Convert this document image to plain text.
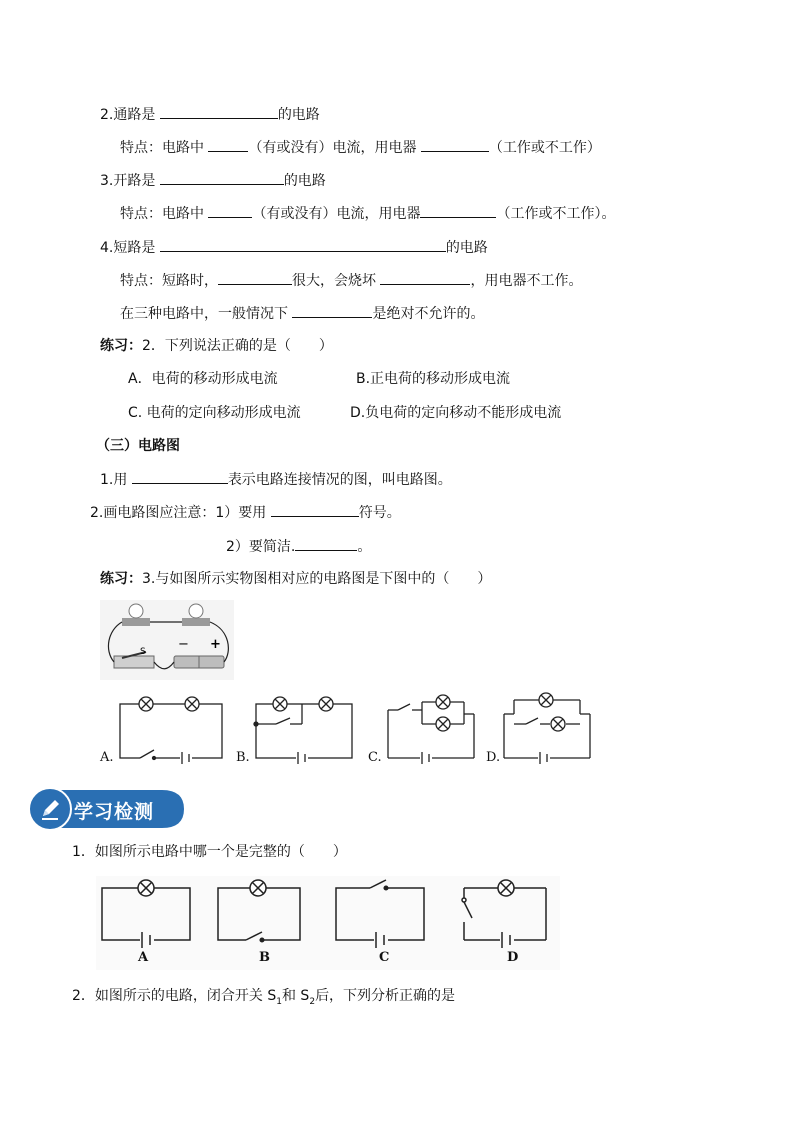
2.通路是	的电路
特点：电路中	（有或没有）电流，用电器	（工作或不工作）
3.开路是	的电路
特点：电路中	（有或没有）电流，用电器	（工作或不工作）。
4.短路是	的电路
特点：短路时，	很大，会烧坏	，用电器不工作。
在三种电路中，一般情况下	是绝对不允许的。
练习：2．下列说法正确的是（　　）
A．电荷的移动形成电流	B.正电荷的移动形成电流
C. 电荷的定向移动形成电流	D.负电荷的定向移动不能形成电流
（三）电路图
1.用	表示电路连接情况的图，叫电路图。
2.画电路图应注意：1）要用	符号。
2）要简洁.	。
练习：3.与如图所示实物图相对应的电路图是下图中的（　　）
S − +
A.	B.	C.	D.
学习检测
1．如图所示电路中哪一个是完整的（　　）
A	B	C	D
2．如图所示的电路，闭合开关 $S_1$和 $S_2$后，下列分析正确的是
